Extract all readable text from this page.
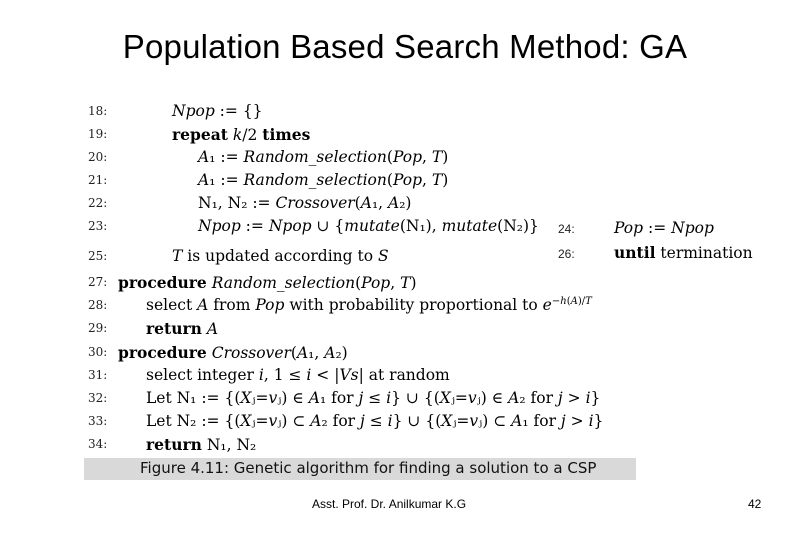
Population Based Search Method: GA
18:	Npop := {}
19:	repeat k/2 times
20:	A₁ := Random_selection(Pop, T)
21:	A₁ := Random_selection(Pop, T)
22:	N₁, N₂ := Crossover(A₁, A₂)
23:	Npop := Npop ∪ {mutate(N₁), mutate(N₂)}
25:	T is updated according to S
27: procedure Random_selection(Pop, T)
28: select A from Pop with probability proportional to $e^{-h(A)/T}$
29: return A
30: procedure Crossover(A₁, A₂)
31: select integer i, 1 ≤ i < |Vs| at random
32: Let N₁ := {(Xⱼ=vⱼ) ∈ A₁ for j ≤ i} ∪ {(Xⱼ=vⱼ) ∈ A₂ for j > i}
33: Let N₂ := {(Xⱼ=vⱼ) ⊂ A₂ for j ≤ i} ∪ {(Xⱼ=vⱼ) ⊂ A₁ for j > i}
34: return N₁, N₂
24:	Pop := Npop
26:	until termination
Figure 4.11: Genetic algorithm for finding a solution to a CSP
Asst. Prof. Dr. Anilkumar K.G	42
